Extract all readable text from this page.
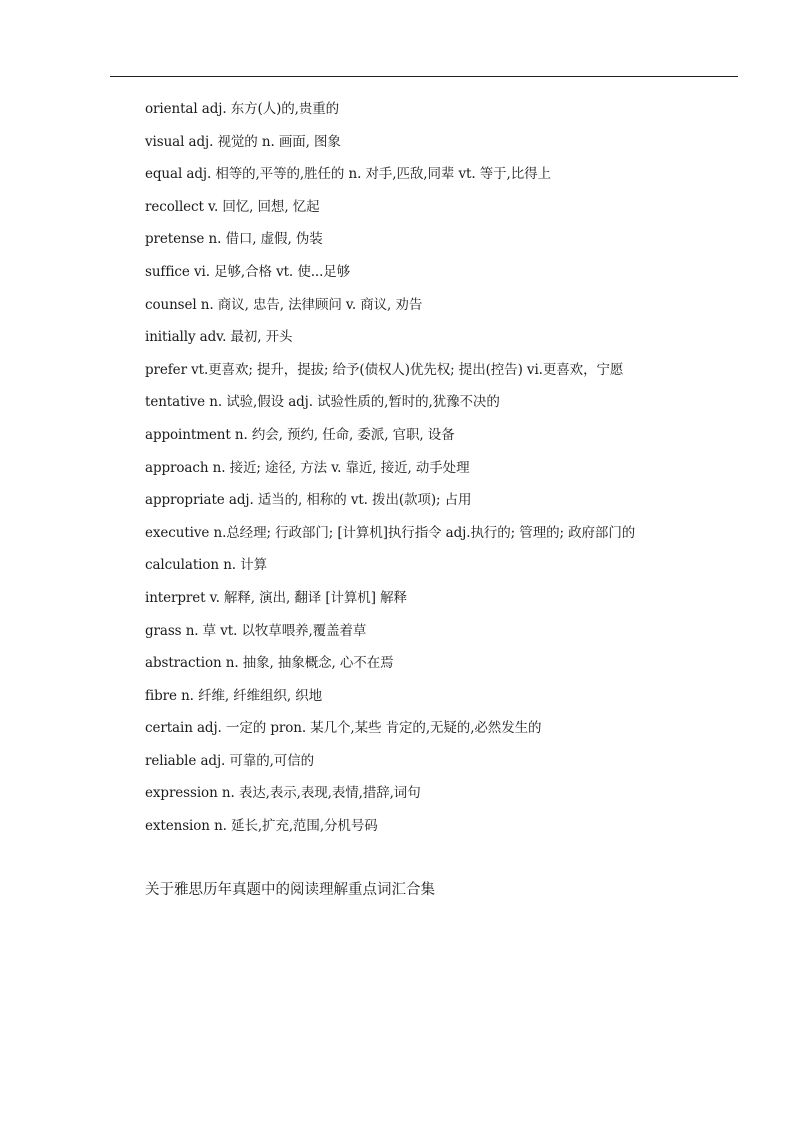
oriental adj. 东方(人)的,贵重的
visual adj. 视觉的 n. 画面, 图象
equal adj. 相等的,平等的,胜任的 n. 对手,匹敌,同辈 vt. 等于,比得上
recollect v. 回忆, 回想, 忆起
pretense n. 借口, 虚假, 伪装
suffice vi. 足够,合格 vt. 使...足够
counsel n. 商议, 忠告, 法律顾问 v. 商议, 劝告
initially adv. 最初, 开头
prefer vt.更喜欢; 提升，提拔; 给予(债权人)优先权; 提出(控告) vi.更喜欢，宁愿
tentative n. 试验,假设 adj. 试验性质的,暂时的,犹豫不决的
appointment n. 约会, 预约, 任命, 委派, 官职, 设备
approach n. 接近; 途径, 方法 v. 靠近, 接近, 动手处理
appropriate adj. 适当的, 相称的 vt. 拨出(款项); 占用
executive n.总经理; 行政部门; [计算机]执行指令 adj.执行的; 管理的; 政府部门的
calculation n. 计算
interpret v. 解释, 演出, 翻译 [计算机] 解释
grass n. 草 vt. 以牧草喂养,覆盖着草
abstraction n. 抽象, 抽象概念, 心不在焉
fibre n. 纤维, 纤维组织, 织地
certain adj. 一定的 pron. 某几个,某些 肯定的,无疑的,必然发生的
reliable adj. 可靠的,可信的
expression n. 表达,表示,表现,表情,措辞,词句
extension n. 延长,扩充,范围,分机号码
关于雅思历年真题中的阅读理解重点词汇合集
